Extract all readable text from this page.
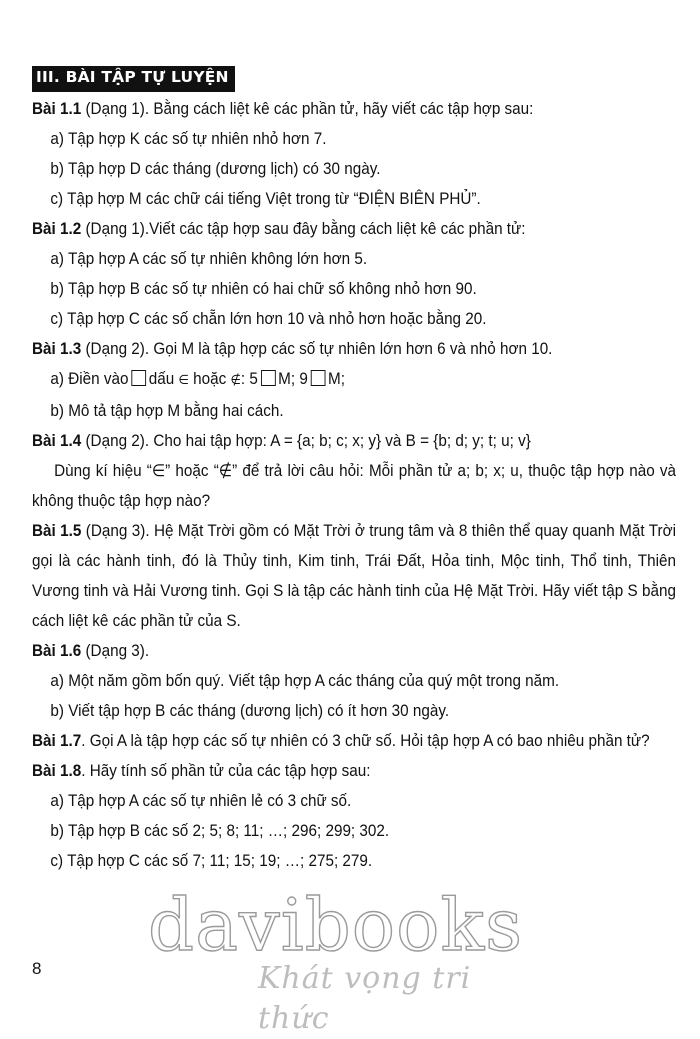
III. BÀI TẬP TỰ LUYỆN

Bài 1.1 (Dạng 1). Bằng cách liệt kê các phần tử, hãy viết các tập hợp sau:

a) Tập hợp K các số tự nhiên nhỏ hơn 7.

b) Tập hợp D các tháng (dương lịch) có 30 ngày.

c) Tập hợp M các chữ cái tiếng Việt trong từ “ĐIỆN BIÊN PHỦ”.

Bài 1.2 (Dạng 1).Viết các tập hợp sau đây bằng cách liệt kê các phần tử:

a) Tập hợp A các số tự nhiên không lớn hơn 5.

b) Tập hợp B các số tự nhiên có hai chữ số không nhỏ hơn 90.

c) Tập hợp C các số chẵn lớn hơn 10 và nhỏ hơn hoặc bằng 20.

Bài 1.3 (Dạng 2). Gọi M là tập hợp các số tự nhiên lớn hơn 6 và nhỏ hơn 10.

a) Điền vào dấu ∈ hoặc ∉: 5 M; 9 M;

b) Mô tả tập hợp M bằng hai cách.

Bài 1.4 (Dạng 2). Cho hai tập hợp: A = {a; b; c; x; y} và B = {b; d; y; t; u; v}

Dùng kí hiệu “∈” hoặc “∉” để trả lời câu hỏi: Mỗi phần tử a; b; x; u, thuộc tập hợp nào và không thuộc tập hợp nào?

Bài 1.5 (Dạng 3). Hệ Mặt Trời gồm có Mặt Trời ở trung tâm và 8 thiên thể quay quanh Mặt Trời gọi là các hành tinh, đó là Thủy tinh, Kim tinh, Trái Đất, Hỏa tinh, Mộc tinh, Thổ tinh, Thiên Vương tinh và Hải Vương tinh. Gọi S là tập các hành tinh của Hệ Mặt Trời. Hãy viết tập S bằng cách liệt kê các phần tử của S.

Bài 1.6 (Dạng 3).

a) Một năm gồm bốn quý. Viết tập hợp A các tháng của quý một trong năm.

b) Viết tập hợp B các tháng (dương lịch) có ít hơn 30 ngày.

Bài 1.7. Gọi A là tập hợp các số tự nhiên có 3 chữ số. Hỏi tập hợp A có bao nhiêu phần tử?

Bài 1.8. Hãy tính số phần tử của các tập hợp sau:

a) Tập hợp A các số tự nhiên lẻ có 3 chữ số.

b) Tập hợp B các số 2; 5; 8; 11; …; 296; 299; 302.

c) Tập hợp C các số 7; 11; 15; 19; …; 275; 279.

8
davibooks
Khát vọng tri thức
